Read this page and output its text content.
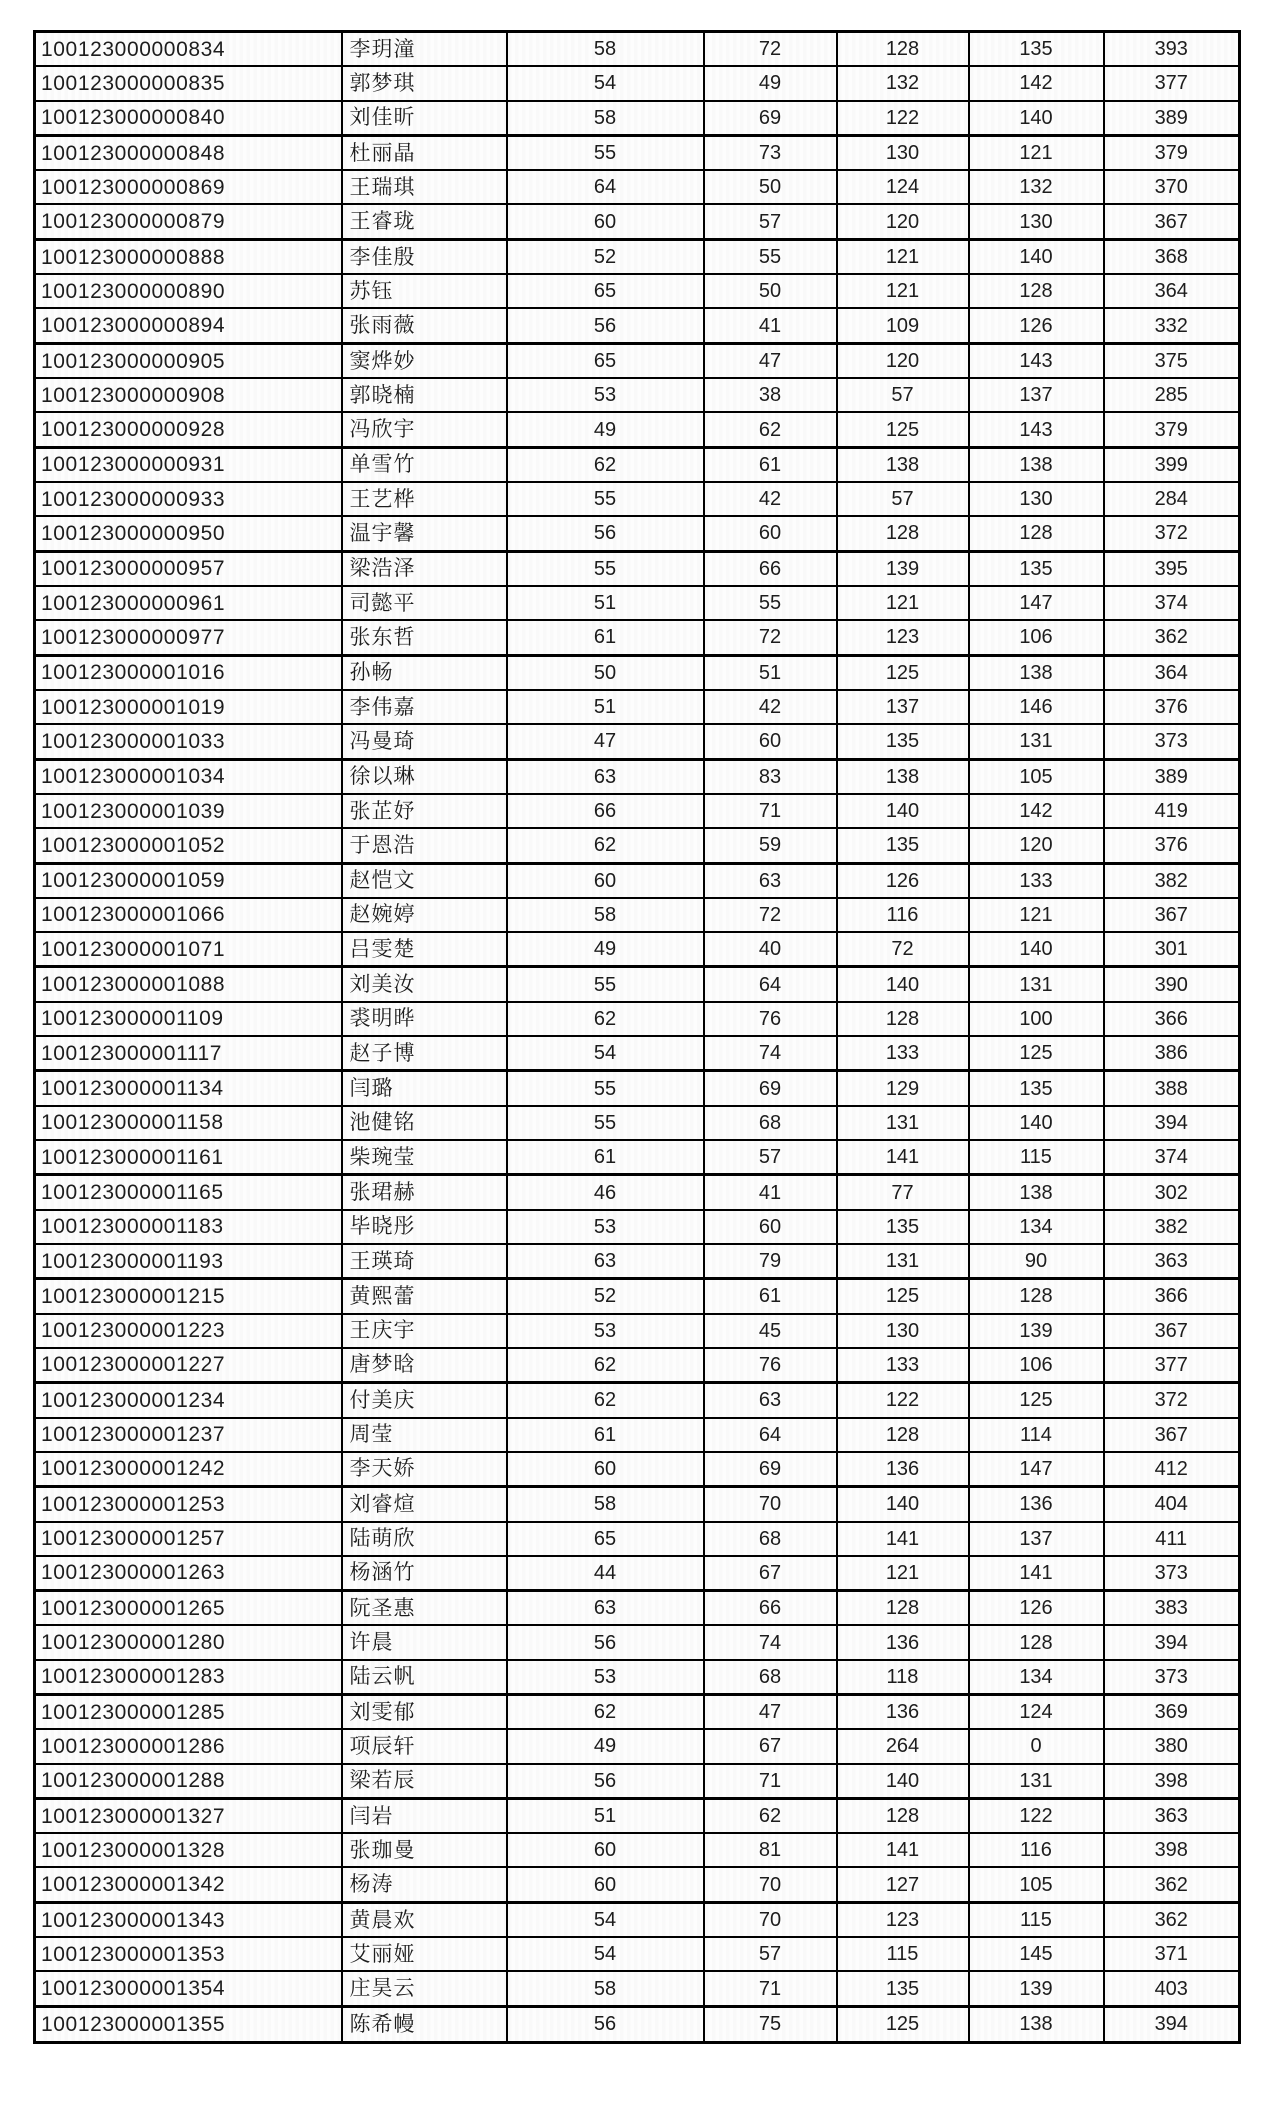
100123000000834	李玥潼	58	72	128	135	393
100123000000835	郭梦琪	54	49	132	142	377
100123000000840	刘佳昕	58	69	122	140	389
100123000000848	杜丽晶	55	73	130	121	379
100123000000869	王瑞琪	64	50	124	132	370
100123000000879	王睿珑	60	57	120	130	367
100123000000888	李佳殷	52	55	121	140	368
100123000000890	苏钰	65	50	121	128	364
100123000000894	张雨薇	56	41	109	126	332
100123000000905	窦烨妙	65	47	120	143	375
100123000000908	郭晓楠	53	38	57	137	285
100123000000928	冯欣宇	49	62	125	143	379
100123000000931	单雪竹	62	61	138	138	399
100123000000933	王艺桦	55	42	57	130	284
100123000000950	温宇馨	56	60	128	128	372
100123000000957	梁浩泽	55	66	139	135	395
100123000000961	司懿平	51	55	121	147	374
100123000000977	张东哲	61	72	123	106	362
100123000001016	孙畅	50	51	125	138	364
100123000001019	李伟嘉	51	42	137	146	376
100123000001033	冯曼琦	47	60	135	131	373
100123000001034	徐以琳	63	83	138	105	389
100123000001039	张芷妤	66	71	140	142	419
100123000001052	于恩浩	62	59	135	120	376
100123000001059	赵恺文	60	63	126	133	382
100123000001066	赵婉婷	58	72	116	121	367
100123000001071	吕雯楚	49	40	72	140	301
100123000001088	刘美汝	55	64	140	131	390
100123000001109	裘明晔	62	76	128	100	366
100123000001117	赵子博	54	74	133	125	386
100123000001134	闫璐	55	69	129	135	388
100123000001158	池健铭	55	68	131	140	394
100123000001161	柴琬莹	61	57	141	115	374
100123000001165	张珺赫	46	41	77	138	302
100123000001183	毕晓彤	53	60	135	134	382
100123000001193	王瑛琦	63	79	131	90	363
100123000001215	黄熙蕾	52	61	125	128	366
100123000001223	王庆宇	53	45	130	139	367
100123000001227	唐梦晗	62	76	133	106	377
100123000001234	付美庆	62	63	122	125	372
100123000001237	周莹	61	64	128	114	367
100123000001242	李天娇	60	69	136	147	412
100123000001253	刘睿煊	58	70	140	136	404
100123000001257	陆萌欣	65	68	141	137	411
100123000001263	杨涵竹	44	67	121	141	373
100123000001265	阮圣惠	63	66	128	126	383
100123000001280	许晨	56	74	136	128	394
100123000001283	陆云帆	53	68	118	134	373
100123000001285	刘雯郁	62	47	136	124	369
100123000001286	项辰轩	49	67	264	0	380
100123000001288	梁若辰	56	71	140	131	398
100123000001327	闫岩	51	62	128	122	363
100123000001328	张珈曼	60	81	141	116	398
100123000001342	杨涛	60	70	127	105	362
100123000001343	黄晨欢	54	70	123	115	362
100123000001353	艾丽娅	54	57	115	145	371
100123000001354	庄昊云	58	71	135	139	403
100123000001355	陈希幔	56	75	125	138	394
